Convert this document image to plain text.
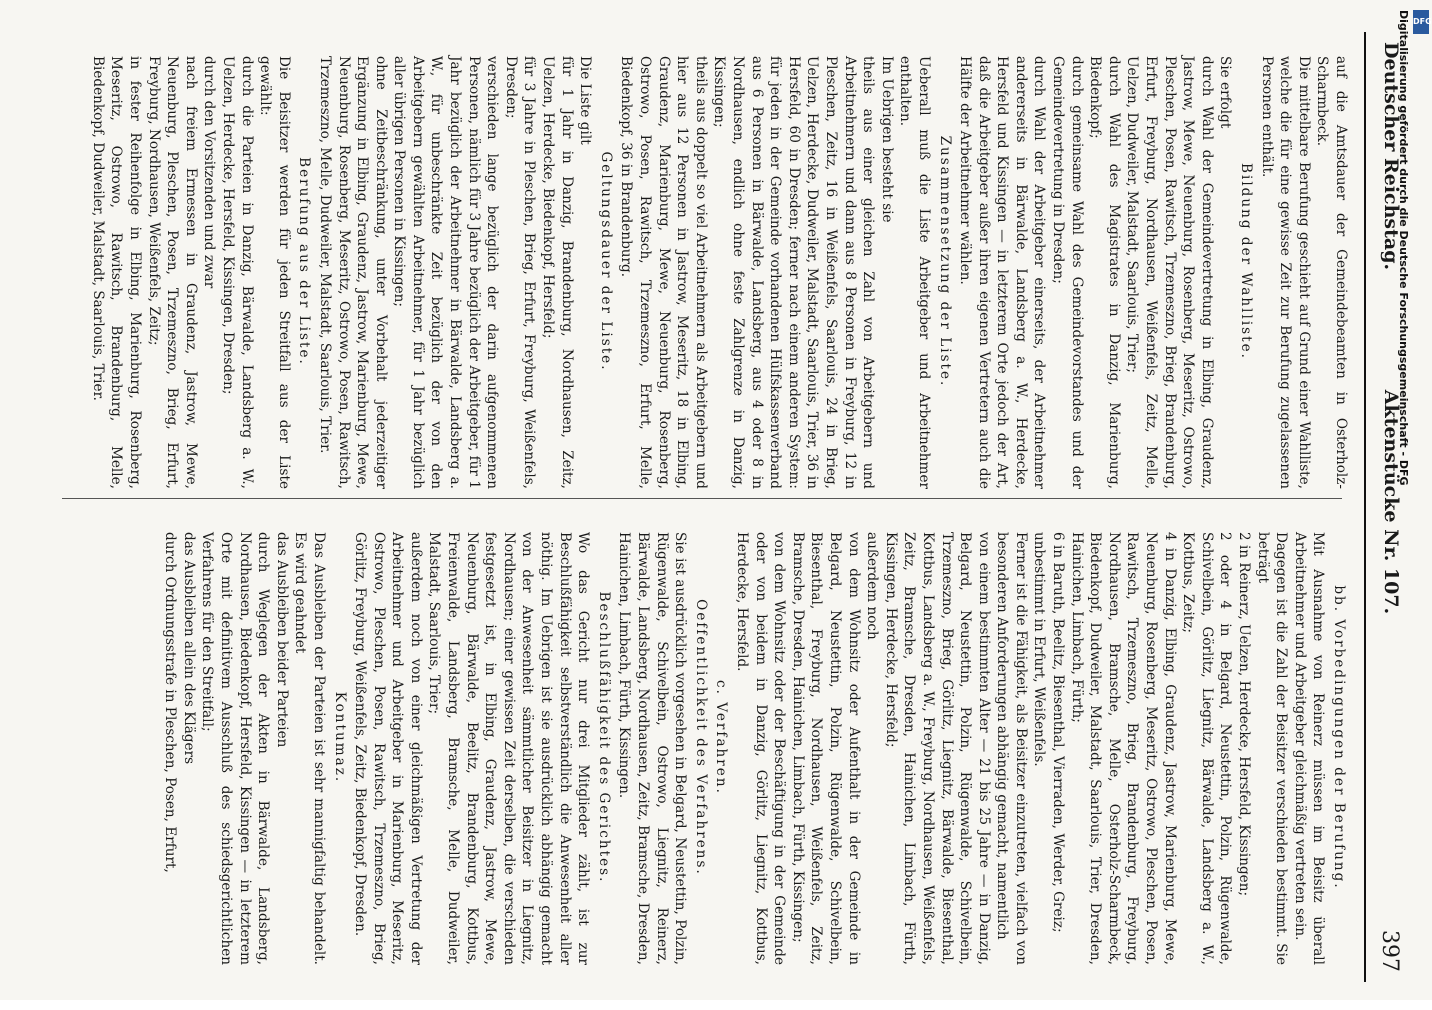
Deutscher Reichstag.
Aktenstücke Nr. 107.
397

auf die Amtsdauer der Gemeindebeamten in Osterholz-Scharmbeck.

Die mittelbare Berufung geschieht auf Grund einer Wahlliste, welche die für eine gewisse Zeit zur Berufung zugelassenen Personen enthält.

Bildung der Wahlliste.

Sie erfolgt

durch Wahl der Gemeindevertretung in Elbing, Graudenz, Jastrow, Mewe, Neuenburg, Rosenberg, Meseritz, Ostrowo, Pleschen, Posen, Rawitsch, Trzemeszno, Brieg, Brandenburg, Erfurt, Freyburg, Nordhausen, Weißenfels, Zeitz, Melle, Uelzen, Dudweiler, Malstadt, Saarlouis, Trier;

durch Wahl des Magistrates in Danzig, Marienburg, Biedenkopf;

durch gemeinsame Wahl des Gemeindevorstandes und der Gemeindevertretung in Dresden;

durch Wahl der Arbeitgeber einerseits, der Arbeitnehmer andererseits in Bärwalde, Landsberg a. W., Herdecke, Hersfeld und Kissingen — in letzterem Orte jedoch der Art, daß die Arbeitgeber außer ihren eigenen Vertretern auch die Hälfte der Arbeitnehmer wählen.

Zusammensetzung der Liste.

Ueberall muß die Liste Arbeitgeber und Arbeitnehmer enthalten.

Im Uebrigen besteht sie

theils aus einer gleichen Zahl von Arbeitgebern und Arbeitnehmern und dann aus 8 Personen in Freyburg, 12 in Pleschen, Zeitz, 16 in Weißenfels, Saarlouis, 24 in Brieg, Uelzen, Herdecke, Dudweiler, Malstadt, Saarlouis, Trier, 36 in Hersfeld, 60 in Dresden; ferner nach einem anderen System: für jeden in der Gemeinde vorhandenen Hülfskassenverband aus 6 Personen in Bärwalde, Landsberg, aus 4 oder 8 in Nordhausen, endlich ohne feste Zahlgrenze in Danzig, Kissingen;

theils aus doppelt so viel Arbeitnehmern als Arbeitgebern und hier aus 12 Personen in Jastrow, Meseritz, 18 in Elbing, Graudenz, Marienburg, Mewe, Neuenburg, Rosenberg, Ostrowo, Posen, Rawitsch, Trzemeszno, Erfurt, Melle, Biedenkopf, 36 in Brandenburg.

Geltungsdauer der Liste.

Die Liste gilt

für 1 Jahr in Danzig, Brandenburg, Nordhausen, Zeitz, Uelzen, Herdecke, Biedenkopf, Hersfeld;

für 3 Jahre in Pleschen, Brieg, Erfurt, Freyburg, Weißenfels, Dresden;

verschieden lange bezüglich der darin aufgenommenen Personen, nämlich für 3 Jahre bezüglich der Arbeitgeber, für 1 Jahr bezüglich der Arbeitnehmer in Bärwalde, Landsberg a. W., für unbeschränkte Zeit bezüglich der von den Arbeitgebern gewählten Arbeitnehmer, für 1 Jahr bezüglich aller übrigen Personen in Kissingen;

ohne Zeitbeschränkung, unter Vorbehalt jederzeitiger Ergänzung in Elbing, Graudenz, Jastrow, Marienburg, Mewe, Neuenburg, Rosenberg, Meseritz, Ostrowo, Posen, Rawitsch, Trzemeszno, Melle, Dudweiler, Malstadt, Saarlouis, Trier.

Berufung aus der Liste.

Die Beisitzer werden für jeden Streitfall aus der Liste gewählt:

durch die Parteien in Danzig, Bärwalde, Landsberg a. W., Uelzen, Herdecke, Hersfeld, Kissingen, Dresden;

durch den Vorsitzenden und zwar

nach freiem Ermessen in Graudenz, Jastrow, Mewe, Neuenburg, Pleschen, Posen, Trzemeszno, Brieg, Erfurt, Freyburg, Nordhausen, Weißenfels, Zeitz;

in fester Reihenfolge in Elbing, Marienburg, Rosenberg, Meseritz, Ostrowo, Rawitsch, Brandenburg, Melle, Biedenkopf, Dudweiler, Malstadt, Saarlouis, Trier.

bb. Vorbedingungen der Berufung.

Mit Ausnahme von Reinerz müssen im Beisitz überall Arbeitnehmer und Arbeitgeber gleichmäßig vertreten sein.

Dagegen ist die Zahl der Beisitzer verschieden bestimmt. Sie beträgt

2 in Reinerz, Uelzen, Herdecke, Hersfeld, Kissingen;

2 oder 4 in Belgard, Neustettin, Polzin, Rügenwalde, Schivelbein, Görlitz, Liegnitz, Bärwalde, Landsberg a. W., Kottbus, Zeitz;

4 in Danzig, Elbing, Graudenz, Jastrow, Marienburg, Mewe, Neuenburg, Rosenberg, Meseritz, Ostrowo, Pleschen, Posen, Rawitsch, Trzemeszno, Brieg, Brandenburg, Freyburg, Nordhausen, Bramsche, Melle, Osterholz-Scharmbeck, Biedenkopf, Dudweiler, Malstadt, Saarlouis, Trier, Dresden, Hainichen, Limbach, Fürth;

6 in Baruth, Beelitz, Biesenthal, Vierraden, Werder, Greiz;

unbestimmt in Erfurt, Weißenfels.

Ferner ist die Fähigkeit, als Beisitzer einzutreten, vielfach von besonderen Anforderungen abhängig gemacht, namentlich

von einem bestimmten Alter — 21 bis 25 Jahre — in Danzig, Belgard, Neustettin, Polzin, Rügenwalde, Schivelbein, Trzemeszno, Brieg, Görlitz, Liegnitz, Bärwalde, Biesenthal, Kottbus, Landsberg a. W., Freyburg, Nordhausen, Weißenfels, Zeitz, Bramsche, Dresden, Hainichen, Limbach, Fürth, Kissingen, Herdecke, Hersfeld;

außerdem noch

von dem Wohnsitz oder Aufenthalt in der Gemeinde in Belgard, Neustettin, Polzin, Rügenwalde, Schivelbein, Biesenthal, Freyburg, Nordhausen, Weißenfels, Zeitz, Bramsche, Dresden, Hainichen, Limbach, Fürth, Kissingen;

von dem Wohnsitz oder der Beschäftigung in der Gemeinde oder von beidem in Danzig, Görlitz, Liegnitz, Kottbus, Herdecke, Hersfeld.

c. Verfahren.

Oeffentlichkeit des Verfahrens.

Sie ist ausdrücklich vorgesehen in Belgard, Neustettin, Polzin, Rügenwalde, Schivelbein, Ostrowo, Liegnitz, Reinerz, Bärwalde, Landsberg, Nordhausen, Zeitz, Bramsche, Dresden, Hainichen, Limbach, Fürth, Kissingen.

Beschlußfähigkeit des Gerichtes.

Wo das Gericht nur drei Mitglieder zählt, ist zur Beschlußfähigkeit selbstverständlich die Anwesenheit aller nöthig. Im Uebrigen ist sie ausdrücklich abhängig gemacht von der Anwesenheit sämmtlicher Beisitzer in Liegnitz, Nordhausen; einer gewissen Zeit derselben, die verschieden festgesetzt ist, in Elbing, Graudenz, Jastrow, Mewe, Neuenburg, Bärwalde, Beelitz, Brandenburg, Kottbus, Freienwalde, Landsberg, Bramsche, Melle, Dudweiler, Malstadt, Saarlouis, Trier;

außerdem noch von einer gleichmäßigen Vertretung der Arbeitnehmer und Arbeitgeber in Marienburg, Meseritz, Ostrowo, Pleschen, Posen, Rawitsch, Trzemeszno, Brieg, Görlitz, Freyburg, Weißenfels, Zeitz, Biedenkopf, Dresden.

Kontumaz.

Das Ausbleiben der Parteien ist sehr mannigfaltig behandelt. Es wird geahndet

das Ausbleiben beider Parteien

durch Weglegen der Akten in Bärwalde, Landsberg, Nordhausen, Biedenkopf, Hersfeld, Kissingen — in letzterem Orte mit definitivem Ausschluß des schiedsgerichtlichen Verfahrens für den Streitfall;

das Ausbleiben allein des Klägers

durch Ordnungsstrafe in Pleschen, Posen, Erfurt,

Digitalisierung gefördert durch die Deutsche Forschungsgemeinschaft - DFG DFG
